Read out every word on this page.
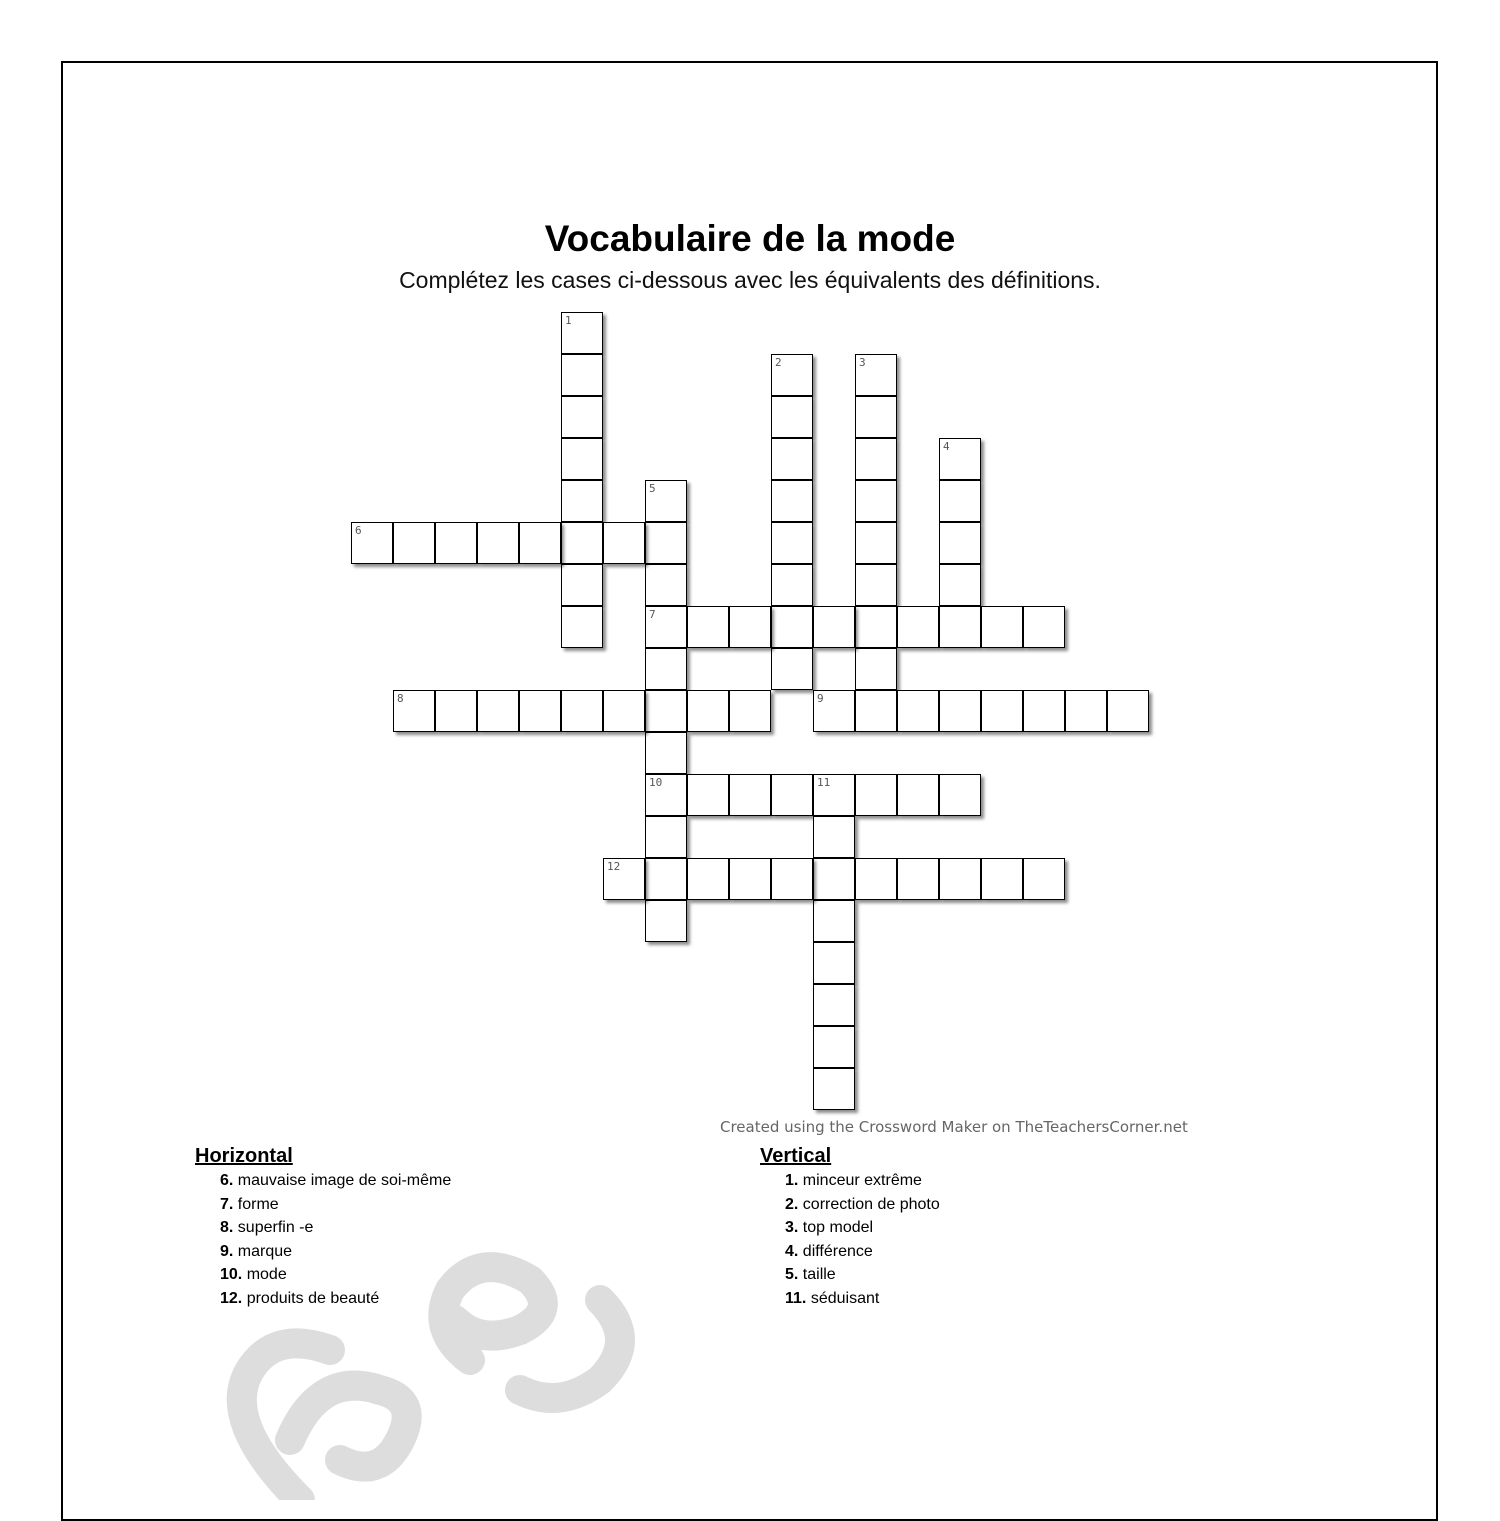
Vocabulaire de la mode
Complétez les cases ci-dessous avec les équivalents des définitions.
1
2	3
4
5
7
10
6
8	9
11
12
Created using the Crossword Maker on TheTeachersCorner.net
Horizontal
6. mauvaise image de soi-même
7. forme
8. superfin -e
9. marque
10. mode
12. produits de beauté
Vertical
1. minceur extrême
2. correction de photo
3. top model
4. différence
5. taille
11. séduisant
